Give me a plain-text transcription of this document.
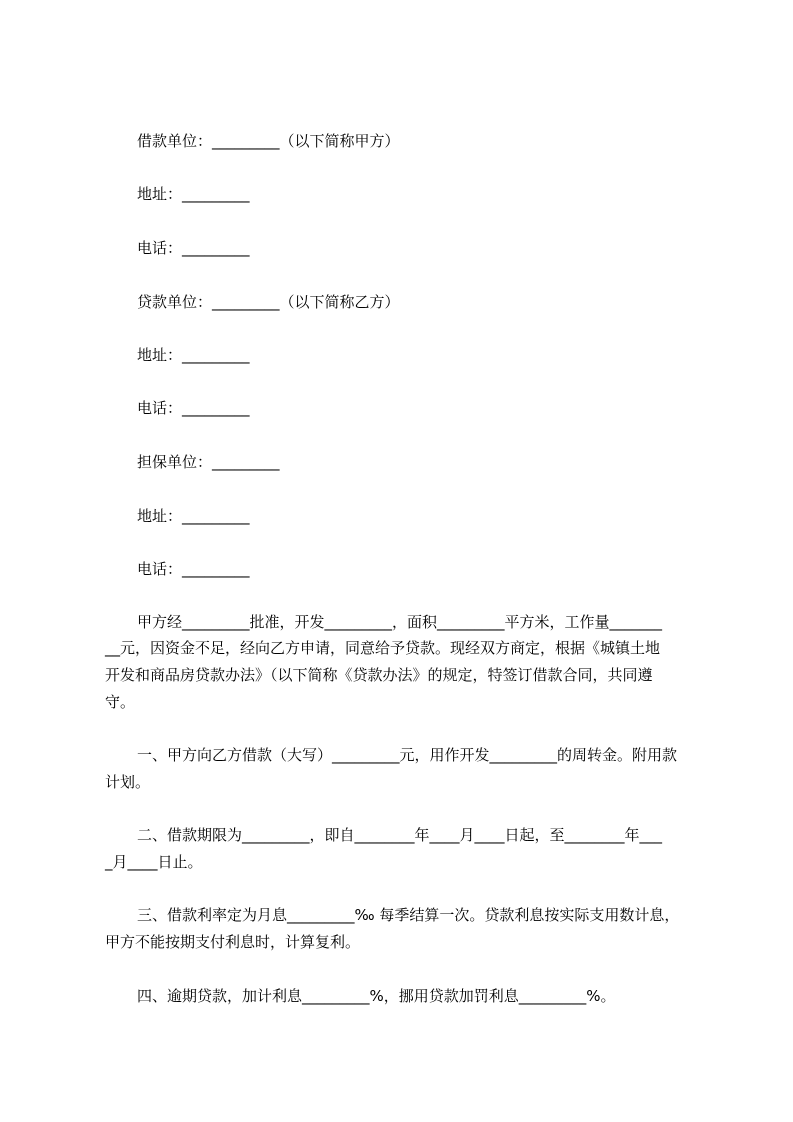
借款单位：_________（以下简称甲方）
地址：_________
电话：_________
贷款单位：_________（以下简称乙方）
地址：_________
电话：_________
担保单位：_________
地址：_________
电话：_________
甲方经_________批准，开发_________，面积_________平方米，工作量_______
__元，因资金不足，经向乙方申请，同意给予贷款。现经双方商定，根据《城镇土地
开发和商品房贷款办法》（以下简称《贷款办法》的规定，特签订借款合同，共同遵
守。
一、甲方向乙方借款（大写）_________元，用作开发_________的周转金。附用款
计划。
二、借款期限为_________，即自________年____月____日起，至________年___
_月____日止。
三、借款利率定为月息_________‰ 每季结算一次。贷款利息按实际支用数计息，
甲方不能按期支付利息时，计算复利。
四、逾期贷款，加计利息_________%，挪用贷款加罚利息_________%。
